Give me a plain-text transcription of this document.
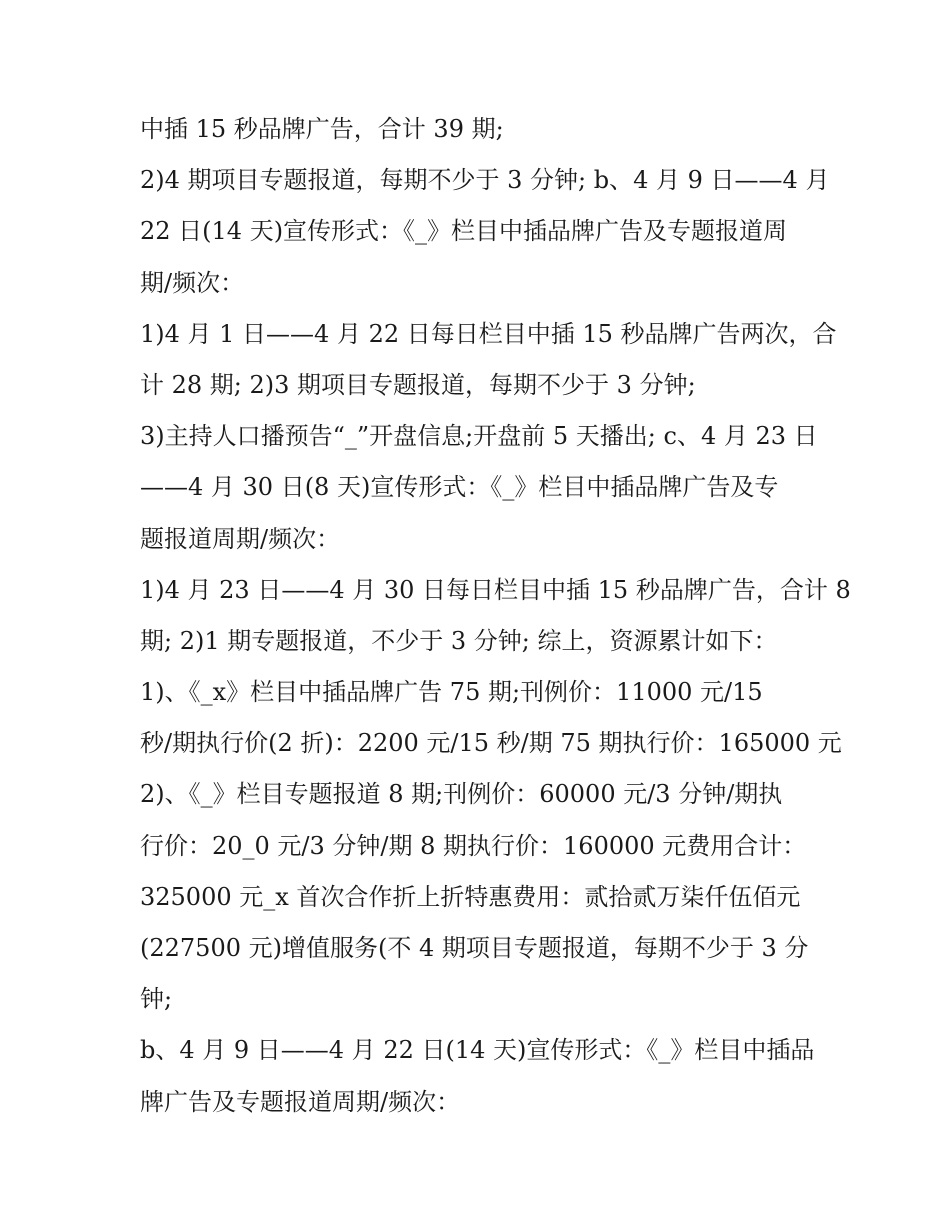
中插 15 秒品牌广告，合计 39 期;
2)4 期项目专题报道，每期不少于 3 分钟; b、4 月 9 日——4 月
22 日(14 天)宣传形式：《_》栏目中插品牌广告及专题报道周
期/频次：
1)4 月 1 日——4 月 22 日每日栏目中插 15 秒品牌广告两次，合
计 28 期; 2)3 期项目专题报道，每期不少于 3 分钟;
3)主持人口播预告“_”开盘信息;开盘前 5 天播出; c、4 月 23 日
——4 月 30 日(8 天)宣传形式：《_》栏目中插品牌广告及专
题报道周期/频次：
1)4 月 23 日——4 月 30 日每日栏目中插 15 秒品牌广告，合计 8
期; 2)1 期专题报道，不少于 3 分钟; 综上，资源累计如下：
1)、《_x》栏目中插品牌广告 75 期;刊例价：11000 元/15
秒/期执行价(2 折)：2200 元/15 秒/期 75 期执行价：165000 元
2)、《_》栏目专题报道 8 期;刊例价：60000 元/3 分钟/期执
行价：20_0 元/3 分钟/期 8 期执行价：160000 元费用合计：
325000 元_x 首次合作折上折特惠费用：贰拾贰万柒仟伍佰元
(227500 元)增值服务(不 4 期项目专题报道，每期不少于 3 分
钟;
b、4 月 9 日——4 月 22 日(14 天)宣传形式：《_》栏目中插品
牌广告及专题报道周期/频次：
